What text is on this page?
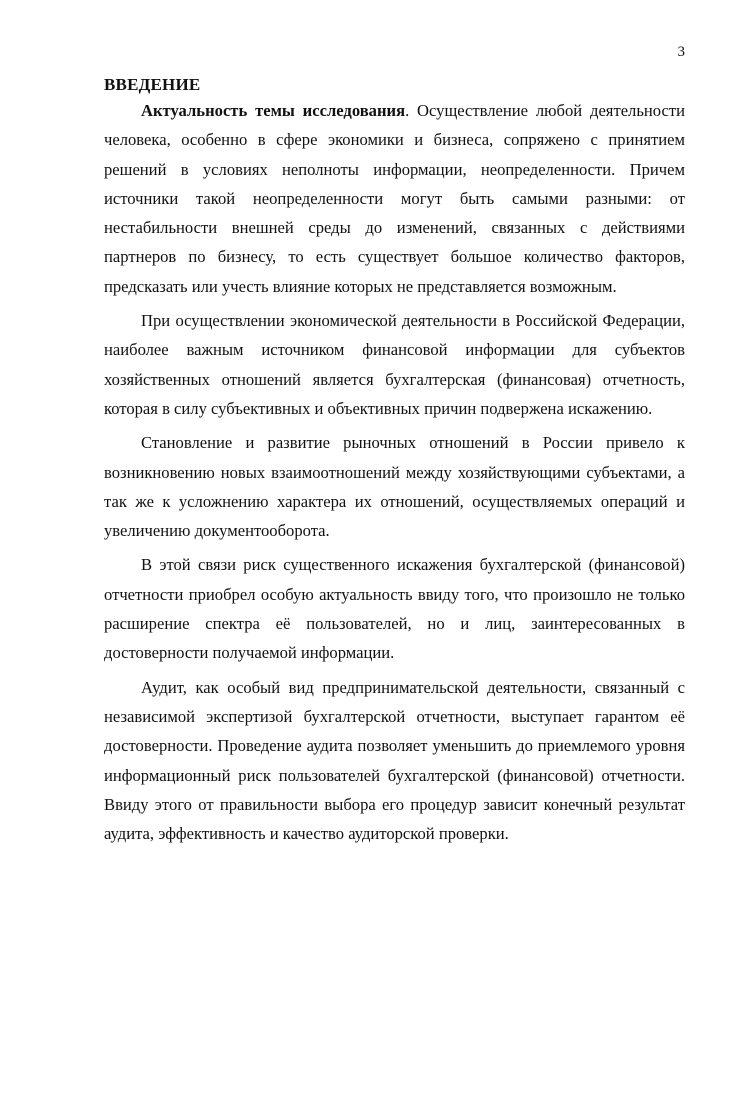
3
ВВЕДЕНИЕ

Актуальность темы исследования. Осуществление любой деятельности человека, особенно в сфере экономики и бизнеса, сопряжено с принятием решений в условиях неполноты информации, неопределенности. Причем источники такой неопределенности могут быть самыми разными: от нестабильности внешней среды до изменений, связанных с действиями партнеров по бизнесу, то есть существует большое количество факторов, предсказать или учесть влияние которых не представляется возможным.

При осуществлении экономической деятельности в Российской Федерации, наиболее важным источником финансовой информации для субъектов хозяйственных отношений является бухгалтерская (финансовая) отчетность, которая в силу субъективных и объективных причин подвержена искажению.

Становление и развитие рыночных отношений в России привело к возникновению новых взаимоотношений между хозяйствующими субъектами, а так же к усложнению характера их отношений, осуществляемых операций и увеличению документооборота.

В этой связи риск существенного искажения бухгалтерской (финансовой) отчетности приобрел особую актуальность ввиду того, что произошло не только расширение спектра её пользователей, но и лиц, заинтересованных в достоверности получаемой информации.

Аудит, как особый вид предпринимательской деятельности, связанный с независимой экспертизой бухгалтерской отчетности, выступает гарантом её достоверности. Проведение аудита позволяет уменьшить до приемлемого уровня информационный риск пользователей бухгалтерской (финансовой) отчетности. Ввиду этого от правильности выбора его процедур зависит конечный результат аудита, эффективность и качество аудиторской проверки.
